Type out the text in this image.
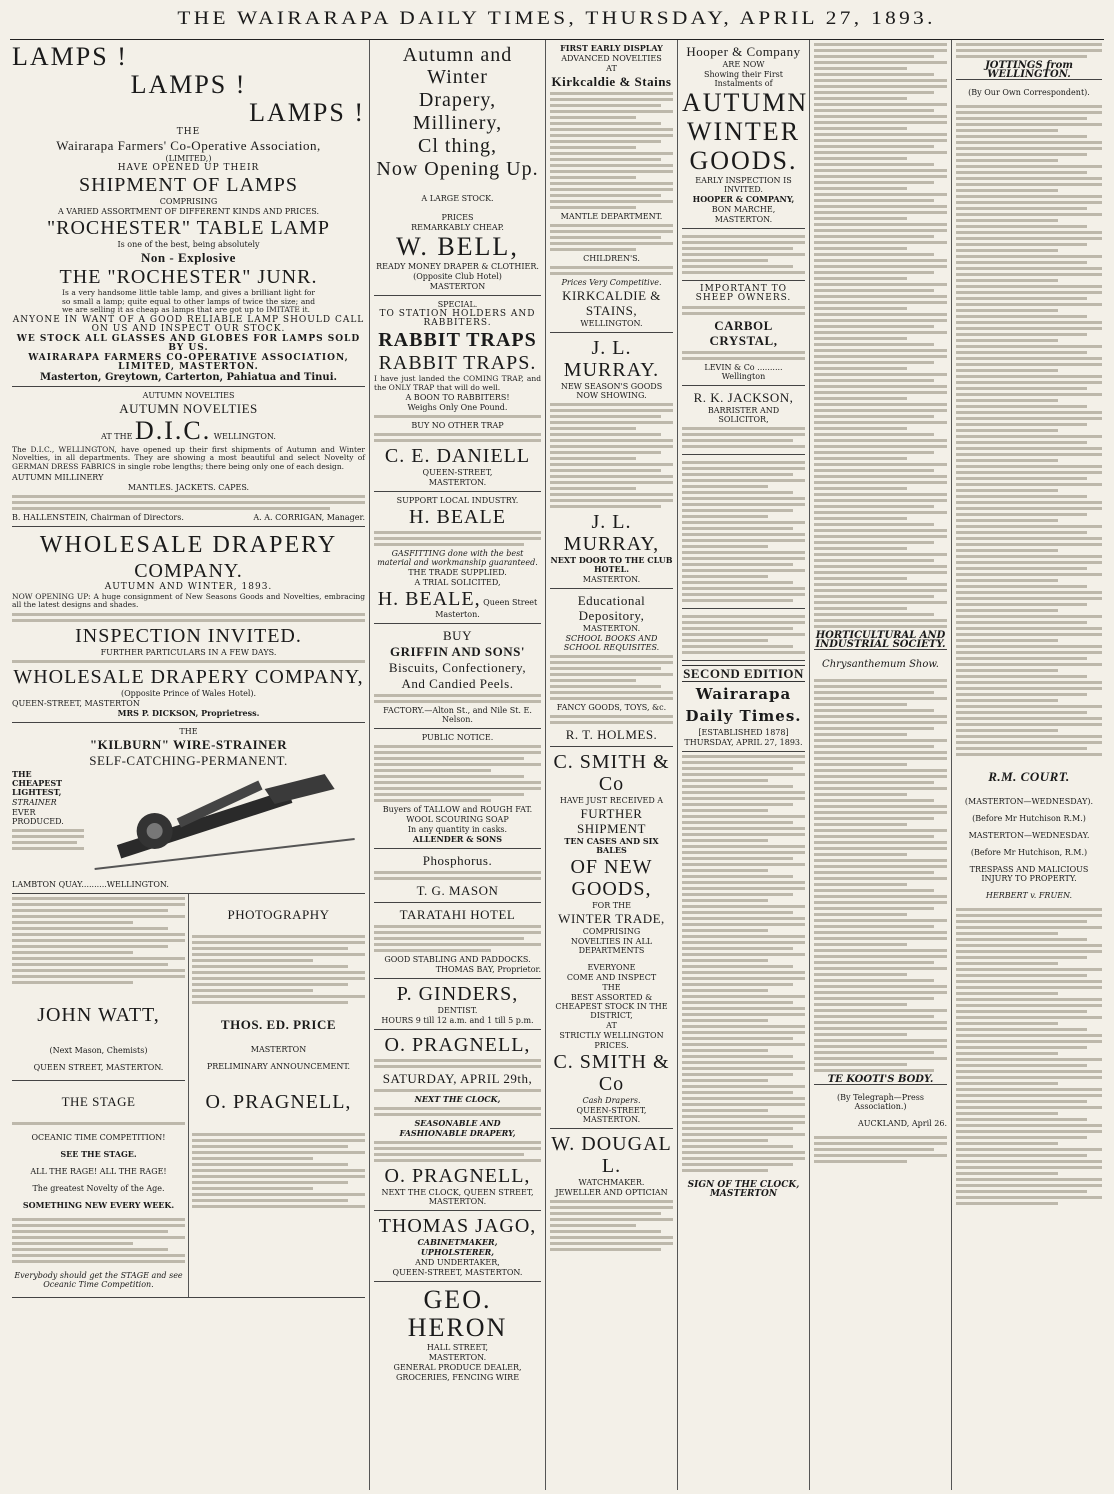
THE WAIRARAPA DAILY TIMES, THURSDAY, APRIL 27, 1893.
LAMPS !
LAMPS !
LAMPS !

THE

Wairarapa Farmers' Co-Operative Association,

(LIMITED,)

HAVE OPENED UP THEIR

SHIPMENT OF LAMPS

COMPRISING

A VARIED ASSORTMENT OF DIFFERENT KINDS AND PRICES.

"ROCHESTER" TABLE LAMP

Is one of the best, being absolutely

Non - Explosive

THE "ROCHESTER" JUNR.

Is a very handsome little table lamp, and gives a brilliant light for so small a lamp; quite equal to other lamps of twice the size; and we are selling it as cheap as lamps that are got up to IMITATE it.

ANYONE IN WANT OF A GOOD RELIABLE LAMP SHOULD CALL ON US AND INSPECT OUR STOCK.

WE STOCK ALL GLASSES AND GLOBES FOR LAMPS SOLD BY US.

WAIRARAPA FARMERS CO-OPERATIVE ASSOCIATION, LIMITED, MASTERTON.

Masterton, Greytown, Carterton, Pahiatua and Tinui.

AUTUMN NOVELTIES

AUTUMN NOVELTIES

AT THE D.I.C. WELLINGTON.

The D.I.C., WELLINGTON, have opened up their first shipments of Autumn and Winter Novelties, in all departments. They are showing a most beautiful and select Novelty of GERMAN DRESS FABRICS in single robe lengths; there being only one of each design.

AUTUMN MILLINERY

MANTLES. JACKETS. CAPES.

B. HALLENSTEIN, Chairman of Directors.	A. A. CORRIGAN, Manager.

WHOLESALE DRAPERY

COMPANY.

AUTUMN AND WINTER, 1893.

NOW OPENING UP: A huge consignment of New Seasons Goods and Novelties, embracing all the latest designs and shades.

INSPECTION INVITED.

FURTHER PARTICULARS IN A FEW DAYS.

WHOLESALE DRAPERY COMPANY,

(Opposite Prince of Wales Hotel).

QUEEN-STREET, MASTERTON

MRS P. DICKSON, Proprietress.

THE

"KILBURN" WIRE-STRAINER

SELF-CATCHING-PERMANENT.

THE CHEAPEST LIGHTEST,

STRAINER

EVER PRODUCED.

LAMBTON QUAY..........WELLINGTON.

JOHN WATT,

(Next Mason, Chemists)

QUEEN STREET, MASTERTON.

THE STAGE

OCEANIC TIME COMPETITION!

SEE THE STAGE.

ALL THE RAGE! ALL THE RAGE!

The greatest Novelty of the Age.

SOMETHING NEW EVERY WEEK.

Everybody should get the STAGE and see Oceanic Time Competition.

PHOTOGRAPHY

THOS. ED. PRICE

MASTERTON

PRELIMINARY ANNOUNCEMENT.

O. PRAGNELL,

Autumn and Winter

Drapery,

Millinery,

Cl thing,

Now Opening Up.

A LARGE STOCK.

PRICES

REMARKABLY CHEAP.

W. BELL,

READY MONEY DRAPER & CLOTHIER.

(Opposite Club Hotel)

MASTERTON

SPECIAL.

TO STATION HOLDERS AND RABBITERS.

RABBIT TRAPS

RABBIT TRAPS.

I have just landed the COMING TRAP, and the ONLY TRAP that will do well.

A BOON TO RABBITERS!

Weighs Only One Pound.

BUY NO OTHER TRAP

C. E. DANIELL

QUEEN-STREET,

MASTERTON.

SUPPORT LOCAL INDUSTRY.

H. BEALE

GASFITTING done with the best material and workmanship guaranteed.

THE TRADE SUPPLIED.

A TRIAL SOLICITED,

H. BEALE, Queen Street Masterton.

BUY

GRIFFIN AND SONS'

Biscuits, Confectionery,

And Candied Peels.

FACTORY.—Alton St., and Nile St. E. Nelson.

PUBLIC NOTICE.

Buyers of TALLOW and ROUGH FAT.

WOOL SCOURING SOAP

In any quantity in casks.

ALLENDER & SONS

Phosphorus.

T. G. MASON

TARATAHI HOTEL

GOOD STABLING AND PADDOCKS.

THOMAS BAY, Proprietor.

P. GINDERS,

DENTIST.

HOURS 9 till 12 a.m. and 1 till 5 p.m.

O. PRAGNELL,

SATURDAY, APRIL 29th,

NEXT THE CLOCK,

SEASONABLE AND

FASHIONABLE DRAPERY,

O. PRAGNELL,

NEXT THE CLOCK, QUEEN STREET, MASTERTON.

THOMAS JAGO,

CABINETMAKER,

UPHOLSTERER,

AND UNDERTAKER,

QUEEN-STREET, MASTERTON.

GEO. HERON

HALL STREET,

MASTERTON.

GENERAL PRODUCE DEALER,

GROCERIES, FENCING WIRE

FIRST EARLY DISPLAY

ADVANCED NOVELTIES

AT

Kirkcaldie & Stains

MANTLE DEPARTMENT.

CHILDREN'S.

Prices Very Competitive.

KIRKCALDIE & STAINS,

WELLINGTON.

J. L. MURRAY.

NEW SEASON'S GOODS NOW SHOWING.

J. L. MURRAY,

NEXT DOOR TO THE CLUB HOTEL.

MASTERTON.

Educational Depository,

MASTERTON.

SCHOOL BOOKS AND SCHOOL REQUISITES.

FANCY GOODS, TOYS, &c.

R. T. HOLMES.

C. SMITH & Co

HAVE JUST RECEIVED A

FURTHER SHIPMENT

TEN CASES AND SIX BALES

OF NEW GOODS,

FOR THE

WINTER TRADE,

COMPRISING

NOVELTIES IN ALL DEPARTMENTS

EVERYONE

COME AND INSPECT

THE

BEST ASSORTED & CHEAPEST STOCK IN THE DISTRICT,

AT

STRICTLY WELLINGTON

PRICES.

C. SMITH & Co

Cash Drapers.

QUEEN-STREET, MASTERTON.

W. DOUGAL L.

WATCHMAKER.

JEWELLER AND OPTICIAN

Hooper & Company

ARE NOW

Showing their First Instalments of

AUTUMN

WINTER

GOODS.

EARLY INSPECTION IS INVITED.

HOOPER & COMPANY,

BON MARCHE,

MASTERTON.

IMPORTANT TO SHEEP OWNERS.

CARBOL CRYSTAL,

LEVIN & Co .......... Wellington

R. K. JACKSON,

BARRISTER AND SOLICITOR,

SECOND EDITION

Wairarapa Daily Times.

[ESTABLISHED 1878]

THURSDAY, APRIL 27, 1893.

SIGN OF THE CLOCK, MASTERTON

HORTICULTURAL AND INDUSTRIAL SOCIETY.

Chrysanthemum Show.

TE KOOTI'S BODY.

(By Telegraph—Press Association.)

AUCKLAND, April 26.

JOTTINGS from WELLINGTON.

(By Our Own Correspondent).

R.M. COURT.

(MASTERTON—WEDNESDAY).

(Before Mr Hutchison R.M.)

MASTERTON—WEDNESDAY.

(Before Mr Hutchison, R.M.)

TRESPASS AND MALICIOUS INJURY TO PROPERTY.

HERBERT v. FRUEN.
